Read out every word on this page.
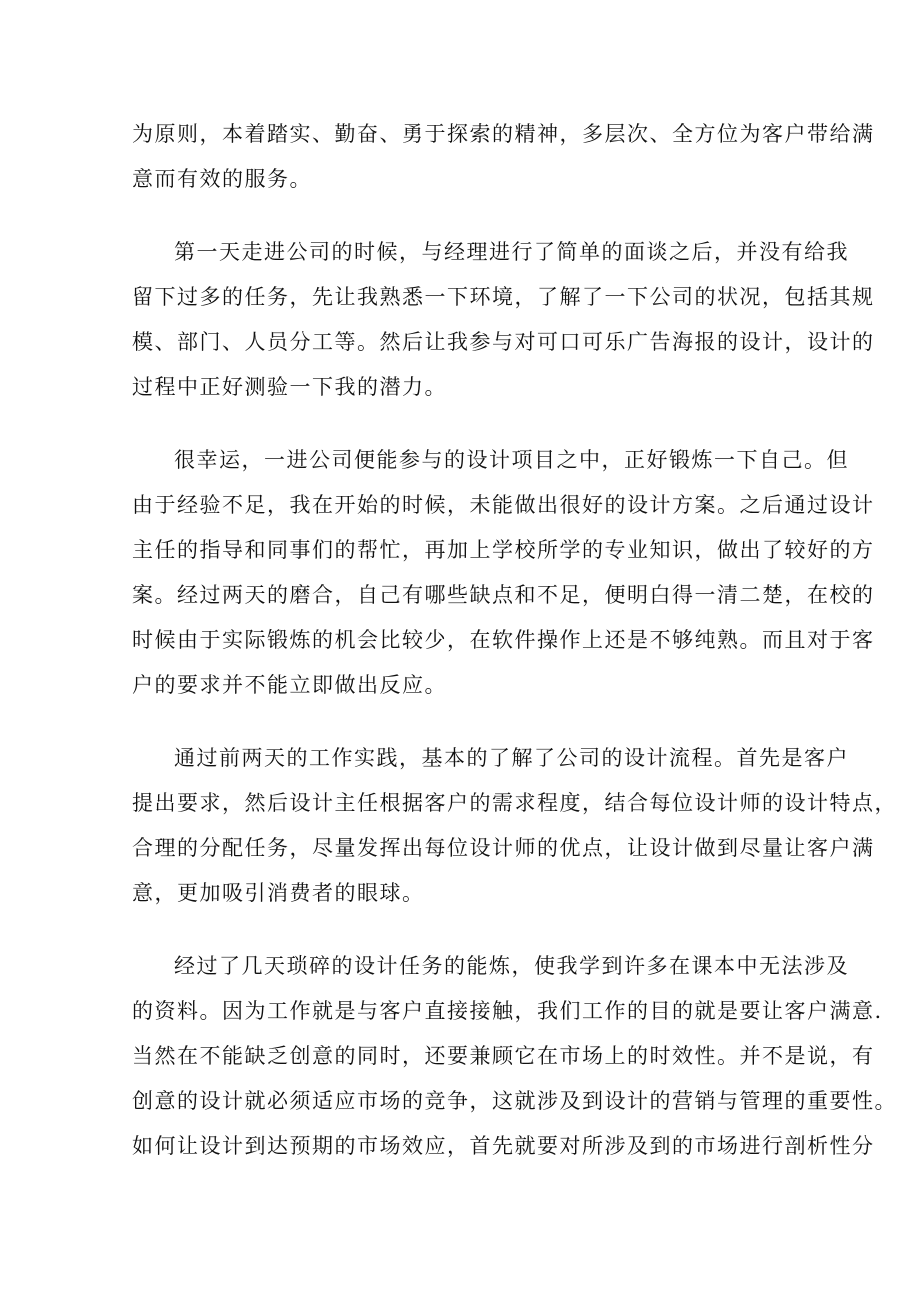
为原则，本着踏实、勤奋、勇于探索的精神，多层次、全方位为客户带给满
意而有效的服务。

第一天走进公司的时候，与经理进行了简单的面谈之后，并没有给我
留下过多的任务，先让我熟悉一下环境，了解了一下公司的状况，包括其规
模、部门、人员分工等。然后让我参与对可口可乐广告海报的设计，设计的
过程中正好测验一下我的潜力。

很幸运，一进公司便能参与的设计项目之中，正好锻炼一下自己。但
由于经验不足，我在开始的时候，未能做出很好的设计方案。之后通过设计
主任的指导和同事们的帮忙，再加上学校所学的专业知识，做出了较好的方
案。经过两天的磨合，自己有哪些缺点和不足，便明白得一清二楚，在校的
时候由于实际锻炼的机会比较少，在软件操作上还是不够纯熟。而且对于客
户的要求并不能立即做出反应。

通过前两天的工作实践，基本的了解了公司的设计流程。首先是客户
提出要求，然后设计主任根据客户的需求程度，结合每位设计师的设计特点，
合理的分配任务，尽量发挥出每位设计师的优点，让设计做到尽量让客户满
意，更加吸引消费者的眼球。

经过了几天琐碎的设计任务的能炼，使我学到许多在课本中无法涉及
的资料。因为工作就是与客户直接接触，我们工作的目的就是要让客户满意.
当然在不能缺乏创意的同时，还要兼顾它在市场上的时效性。并不是说，有
创意的设计就必须适应市场的竞争，这就涉及到设计的营销与管理的重要性。
如何让设计到达预期的市场效应，首先就要对所涉及到的市场进行剖析性分
